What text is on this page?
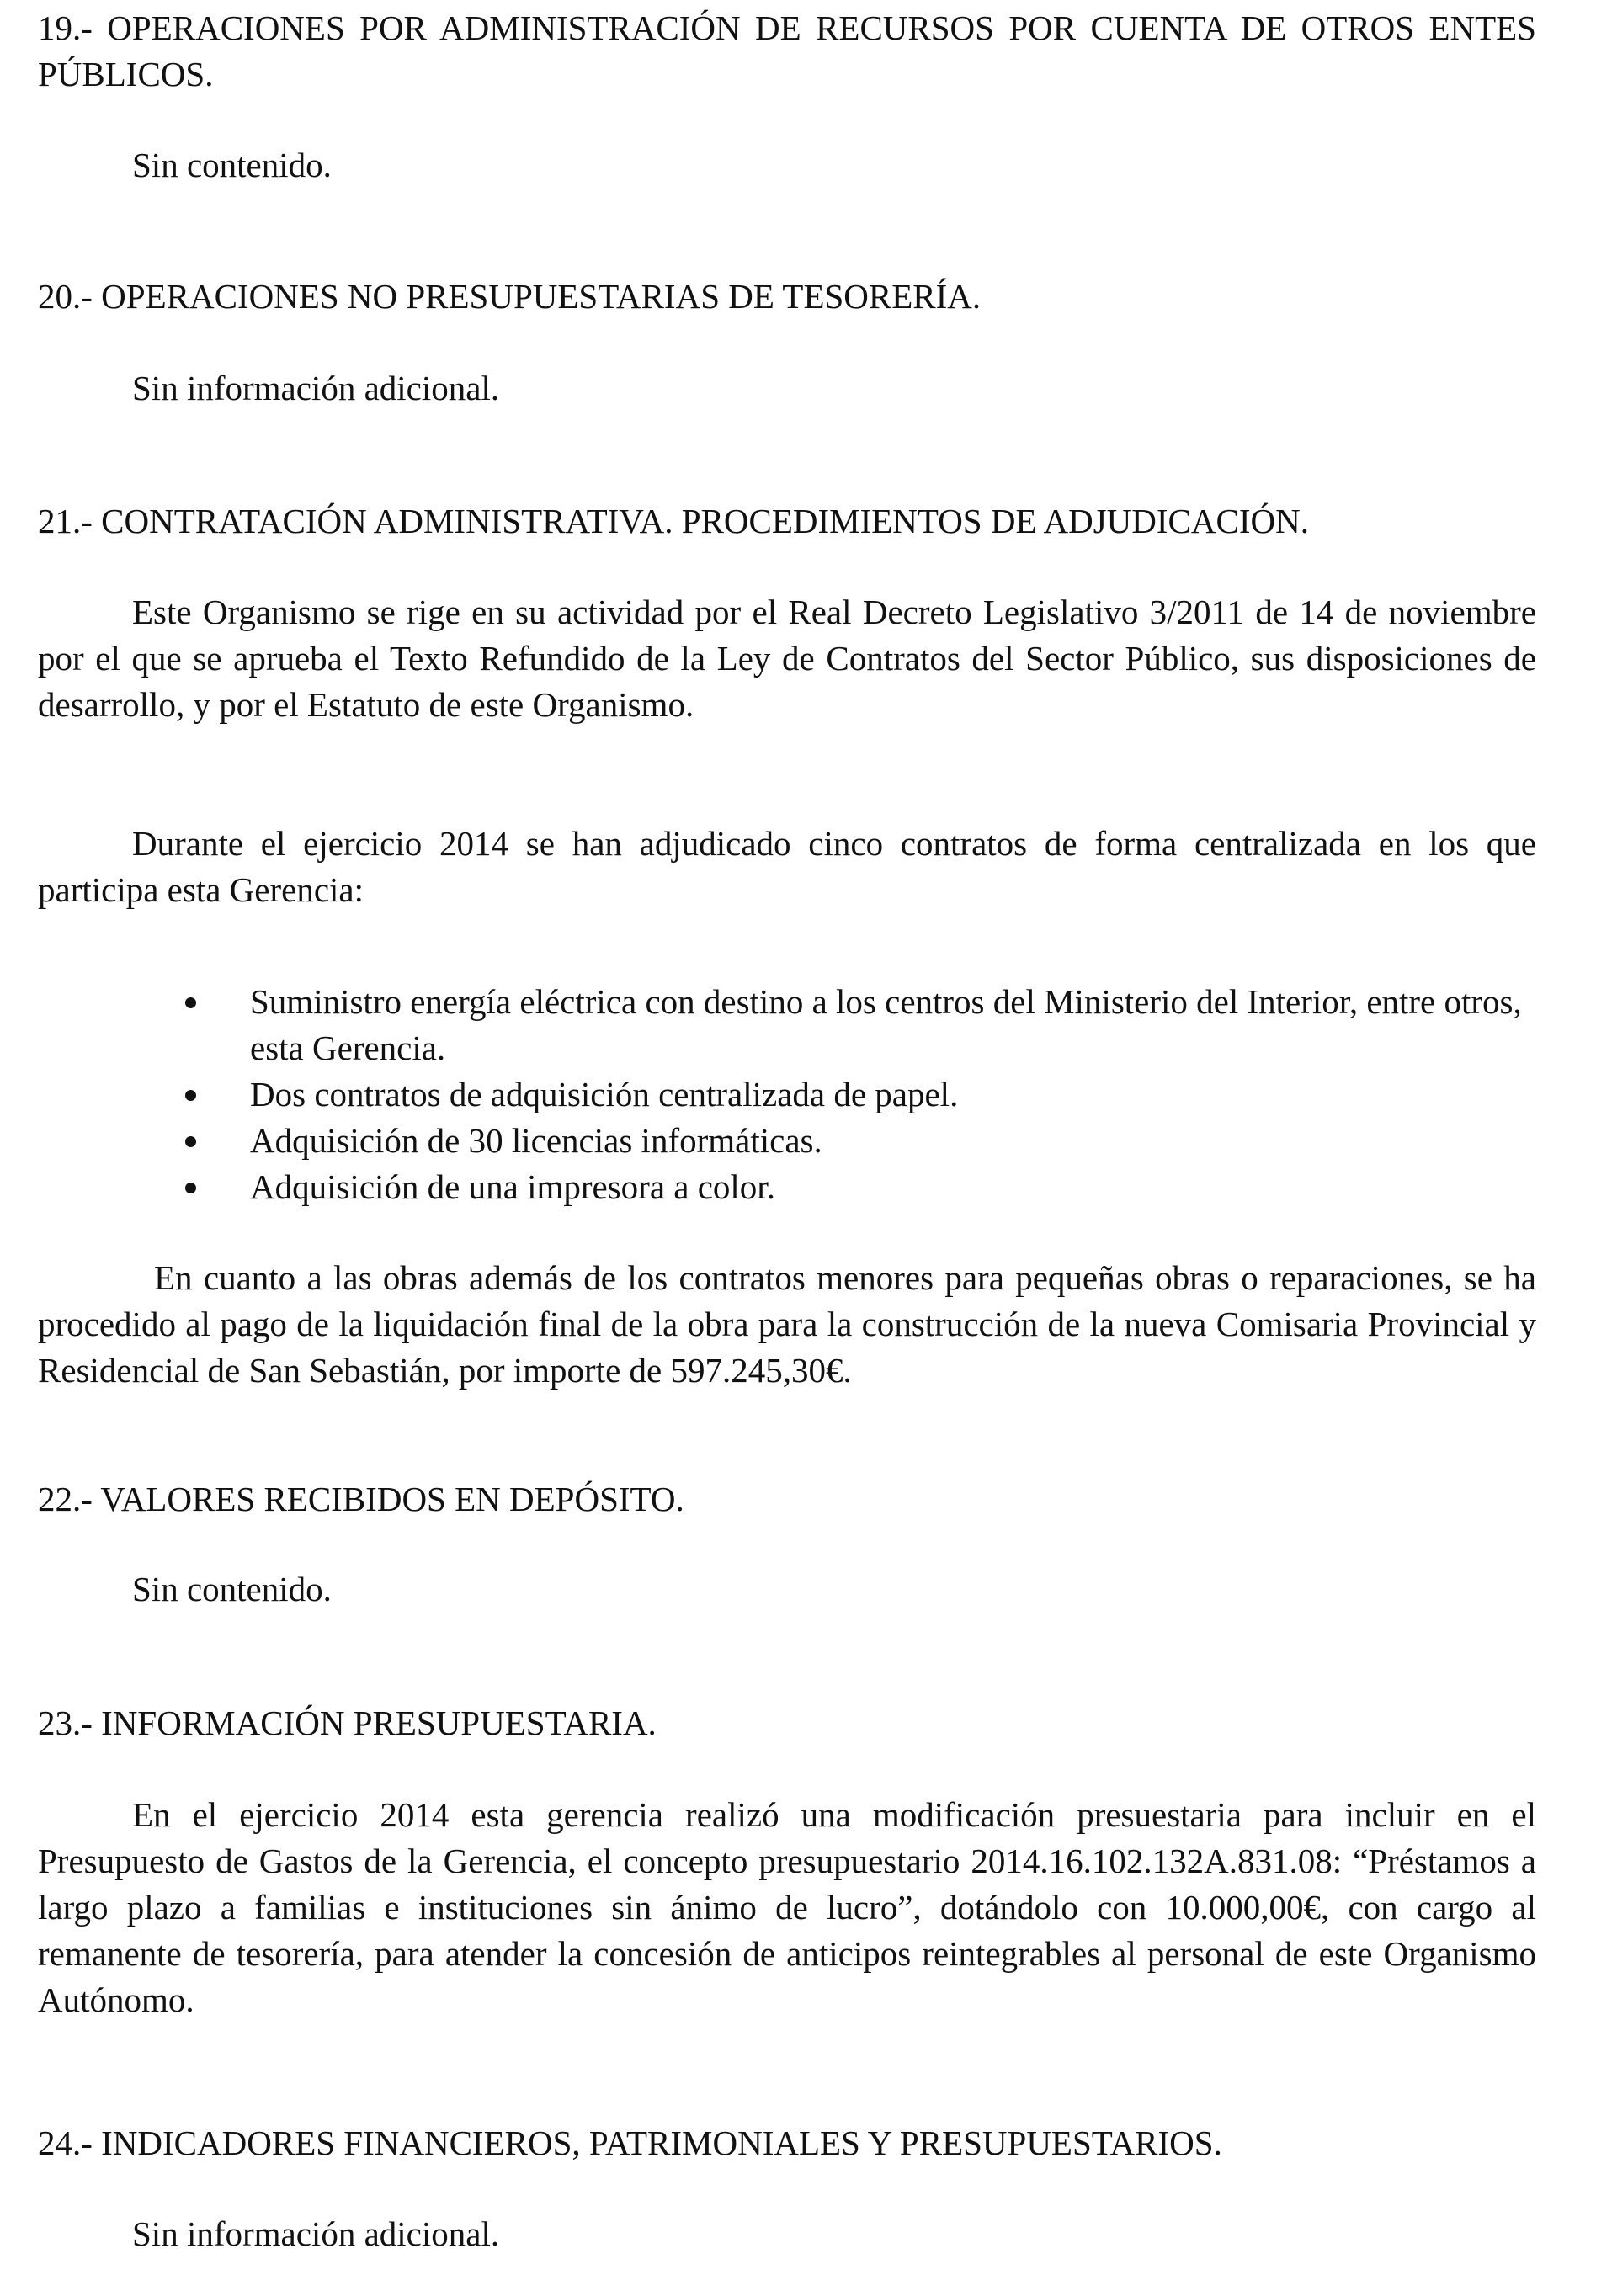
19.- OPERACIONES POR ADMINISTRACIÓN DE RECURSOS POR CUENTA DE OTROS ENTES PÚBLICOS.

Sin contenido.

20.- OPERACIONES NO PRESUPUESTARIAS DE TESORERÍA.

Sin información adicional.

21.- CONTRATACIÓN ADMINISTRATIVA. PROCEDIMIENTOS DE ADJUDICACIÓN.

Este Organismo se rige en su actividad por el Real Decreto Legislativo 3/2011 de 14 de noviembre por el que se aprueba el Texto Refundido de la Ley de Contratos del Sector Público, sus disposiciones de desarrollo, y por el Estatuto de este Organismo.

Durante el ejercicio 2014 se han adjudicado cinco contratos de forma centralizada en los que participa esta Gerencia:

Suministro energía eléctrica con destino a los centros del Ministerio del Interior, entre otros, esta Gerencia.
Dos contratos de adquisición centralizada de papel.
Adquisición de 30 licencias informáticas.
Adquisición de una impresora a color.

En cuanto a las obras además de los contratos menores para pequeñas obras o reparaciones, se ha procedido al pago de la liquidación final de la obra para la construcción de la nueva Comisaria Provincial y Residencial de San Sebastián, por importe de 597.245,30€.

22.- VALORES RECIBIDOS EN DEPÓSITO.

Sin contenido.

23.- INFORMACIÓN PRESUPUESTARIA.

En el ejercicio 2014 esta gerencia realizó una modificación presuestaria para incluir en el Presupuesto de Gastos de la Gerencia, el concepto presupuestario 2014.16.102.132A.831.08: “Préstamos a largo plazo a familias e instituciones sin ánimo de lucro”, dotándolo con 10.000,00€, con cargo al remanente de tesorería, para atender la concesión de anticipos reintegrables al personal de este Organismo Autónomo.

24.- INDICADORES FINANCIEROS, PATRIMONIALES Y PRESUPUESTARIOS.

Sin información adicional.
